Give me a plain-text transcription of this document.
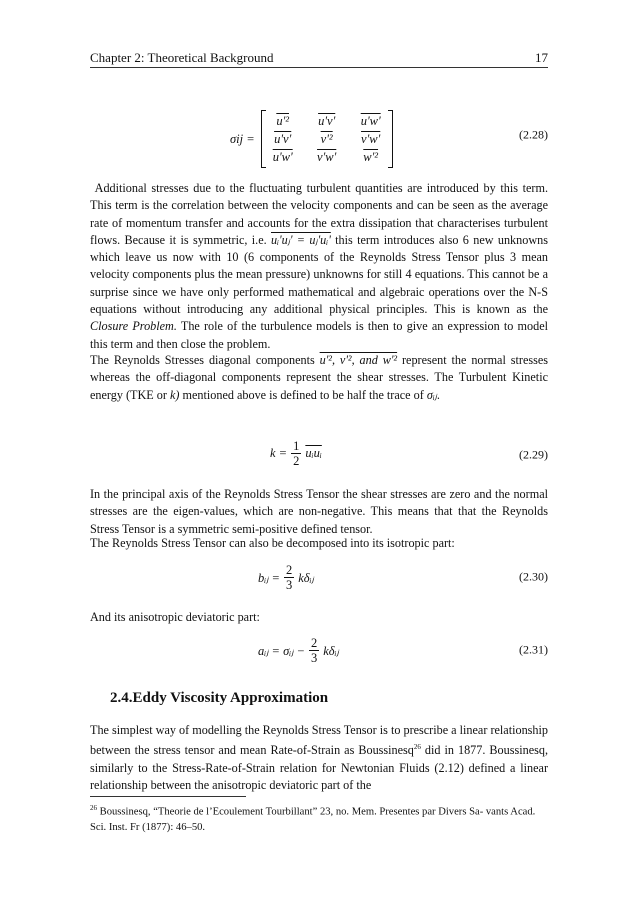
Chapter 2: Theoretical Background	17
σij =
u'²	u'v'	u'w'
u'v'	v'²	v'w'
u'w'	v'w'	w'²
(2.28)

Additional stresses due to the fluctuating turbulent quantities are introduced by this term. This term is the correlation between the velocity components and can be seen as the average rate of momentum transfer and accounts for the extra dissipation that characterises turbulent flows. Because it is symmetric, i.e. uᵢ'uⱼ' = uⱼ'uᵢ' this term introduces also 6 new unknowns which leave us now with 10 (6 components of the Reynolds Stress Tensor plus 3 mean velocity components plus the mean pressure) unknowns for still 4 equations. This cannot be a surprise since we have only performed mathematical and algebraic operations over the N-S equations without introducing any additional physical principles. This is known as the Closure Problem. The role of the turbulence models is then to give an expression to model this term and then close the problem.

The Reynolds Stresses diagonal components u'², v'², and w'² represent the normal stresses whereas the off-diagonal components represent the shear stresses. The Turbulent Kinetic energy (TKE or k) mentioned above is defined to be half the trace of σᵢⱼ.

$k = \frac{1}{2}$ uᵢuᵢ	(2.29)

In the principal axis of the Reynolds Stress Tensor the shear stresses are zero and the normal stresses are the eigen-values, which are non-negative. This means that that the Reynolds Stress Tensor is a symmetric semi-positive defined tensor.

The Reynolds Stress Tensor can also be decomposed into its isotropic part:

bᵢⱼ = $\frac{2}{3}$ kδᵢⱼ	(2.30)

And its anisotropic deviatoric part:

aᵢⱼ = σᵢⱼ − $\frac{2}{3}$ kδᵢⱼ	(2.31)
2.4.Eddy Viscosity Approximation

The simplest way of modelling the Reynolds Stress Tensor is to prescribe a linear relationship between the stress tensor and mean Rate-of-Strain as Boussinesq$^{26}$ did in 1877. Boussinesq, similarly to the Stress-Rate-of-Strain relation for Newtonian Fluids (2.12) defined a linear relationship between the anisotropic deviatoric part of the

$^{26}$ Boussinesq, “Theorie de l’Ecoulement Tourbillant” 23, no. Mem. Presentes par Divers Sa- vants Acad. Sci. Inst. Fr (1877): 46–50.
